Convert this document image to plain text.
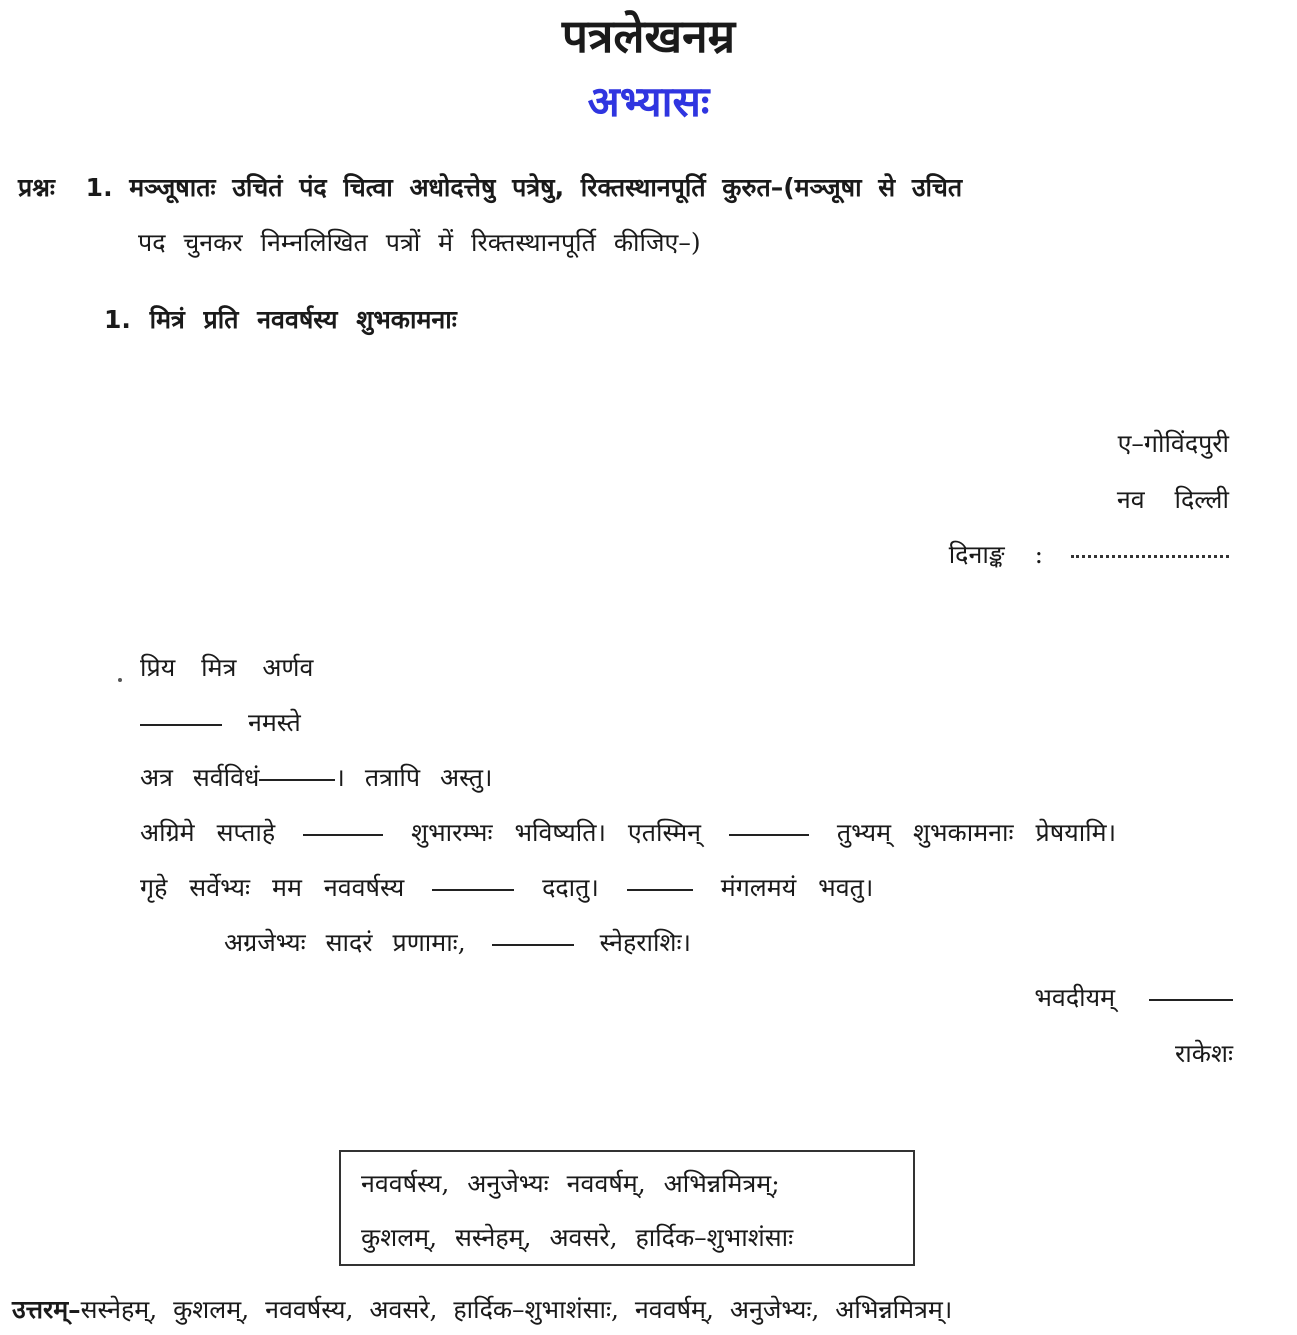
पत्रलेखनम्र
अभ्यासः
प्रश्नः 1. मञ्जूषातः उचितं पंद चित्वा अधोदत्तेषु पत्रेषु, रिक्तस्थानपूर्ति कुरुत–(मञ्जूषा से उचित
पद चुनकर निम्नलिखित पत्रों में रिक्तस्थानपूर्ति कीजिए–)
1. मित्रं प्रति नववर्षस्य शुभकामनाः
ए–गोविंदपुरी
नव दिल्ली
दिनाङ्क :
प्रिय मित्र अर्णव
नमस्ते
अत्र सर्वविधं	। तत्रापि अस्तु।
अग्रिमे सप्ताहे	शुभारम्भः भविष्यति। एतस्मिन्	तुभ्यम् शुभकामनाः प्रेषयामि।
गृहे सर्वेभ्यः मम नववर्षस्य	ददातु।	मंगलमयं भवतु।
अग्रजेभ्यः सादरं प्रणामाः,	स्नेहराशिः।
भवदीयम्
राकेशः
नववर्षस्य, अनुजेभ्यः नववर्षम्, अभिन्नमित्रम्;
कुशलम्, सस्नेहम्, अवसरे, हार्दिक–शुभाशंसाः
उत्तरम्–सस्नेहम्, कुशलम्, नववर्षस्य, अवसरे, हार्दिक–शुभाशंसाः, नववर्षम्, अनुजेभ्यः, अभिन्नमित्रम्।
